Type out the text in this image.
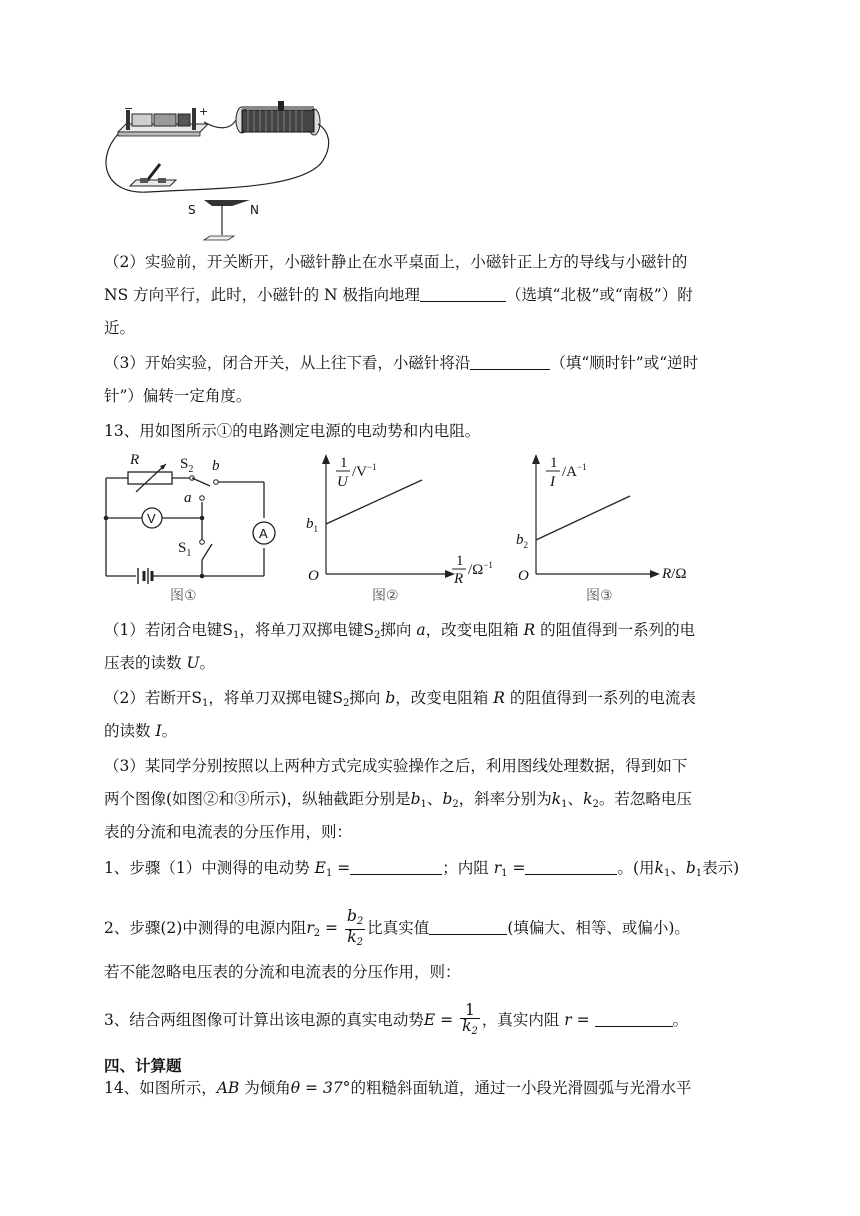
−	+
S	N
（2）实验前，开关断开，小磁针静止在水平桌面上，小磁针正上方的导线与小磁针的
NS 方向平行，此时，小磁针的 N 极指向地理	（选填“北极”或“南极”）附
近。
（3）开始实验，闭合开关，从上往下看，小磁针将沿	（填“顺时针”或“逆时
针”）偏转一定角度。
13、用如图所示①的电路测定电源的电动势和内电阻。
R	$S_2$ b
a
V
A
$S_1$
图①
1
U
$/V^{-1}$
$b_1$
O
1
R
$/\Omega^{-1}$
图②
1
I
$/A^{-1}$
$b_2$
O	R/Ω
图③
（1）若闭合电键$S_1$，将单刀双掷电键$S_2$掷向 a，改变电阻箱 R 的阻值得到一系列的电
压表的读数 U。
（2）若断开$S_1$，将单刀双掷电键$S_2$掷向 b，改变电阻箱 R 的阻值得到一系列的电流表
的读数 I。
（3）某同学分别按照以上两种方式完成实验操作之后，利用图线处理数据，得到如下
两个图像(如图②和③所示)，纵轴截距分别是$b_1$、$b_2$，斜率分别为$k_1$、$k_2$。若忽略电压
表的分流和电流表的分压作用，则：
1、步骤（1）中测得的电动势 $E_1$ =	；内阻 $r_1$ =	。(用$k_1$、$b_1$表示)
2、步骤(2)中测得的电源内阻$r_2 = \frac{b_2}{k_2}$ 比真实值	(填偏大、相等、或偏小)。
若不能忽略电压表的分流和电流表的分压作用，则：
3、结合两组图像可计算出该电源的真实电动势$E = \frac{1}{k_2}$ ，真实内阻 r =	。
四、计算题
14、如图所示，AB 为倾角θ = 37°的粗糙斜面轨道，通过一小段光滑圆弧与光滑水平
